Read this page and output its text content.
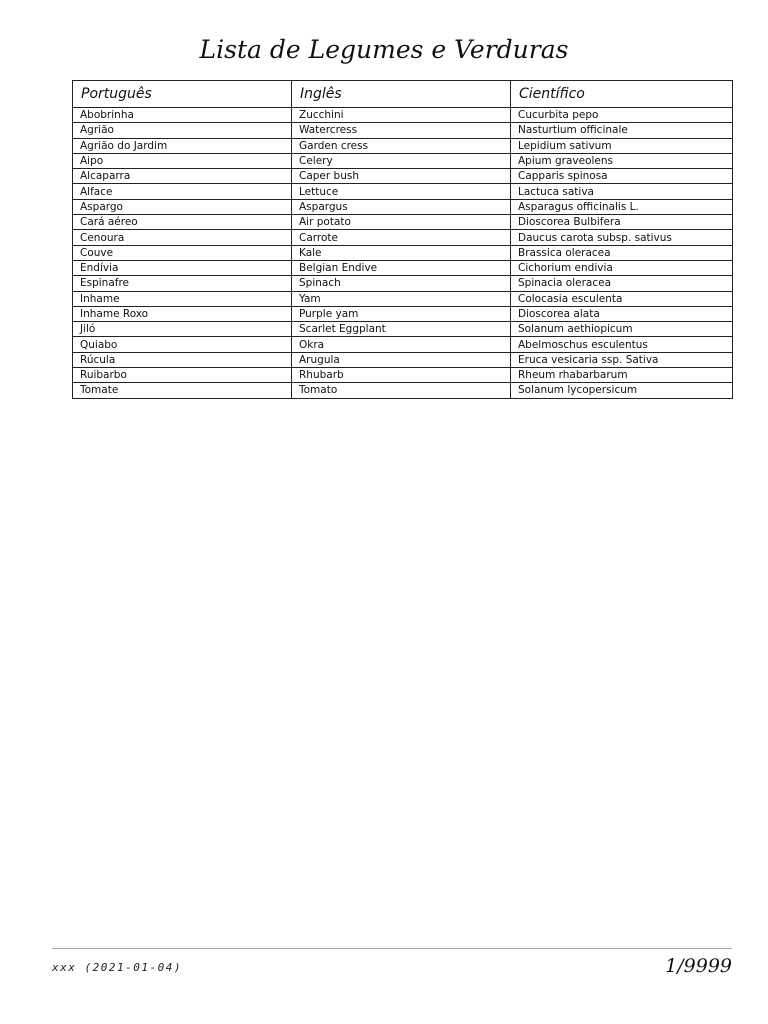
Lista de Legumes e Verduras
Português	Inglês	Científico
Abobrinha	Zucchini	Cucurbita pepo
Agrião	Watercress	Nasturtium officinale
Agrião do Jardim	Garden cress	Lepidium sativum
Aipo	Celery	Apium graveolens
Alcaparra	Caper bush	Capparis spinosa
Alface	Lettuce	Lactuca sativa
Aspargo	Aspargus	Asparagus officinalis L.
Cará aéreo	Air potato	Dioscorea Bulbifera
Cenoura	Carrote	Daucus carota subsp. sativus
Couve	Kale	Brassica oleracea
Endívia	Belgian Endive	Cichorium endivia
Espinafre	Spinach	Spinacia oleracea
Inhame	Yam	Colocasia esculenta
Inhame Roxo	Purple yam	Dioscorea alata
Jiló	Scarlet Eggplant	Solanum aethiopicum
Quiabo	Okra	Abelmoschus esculentus
Rúcula	Arugula	Eruca vesicaria ssp. Sativa
Ruibarbo	Rhubarb	Rheum rhabarbarum
Tomate	Tomato	Solanum lycopersicum
xxx (2021-01-04)	1/9999
